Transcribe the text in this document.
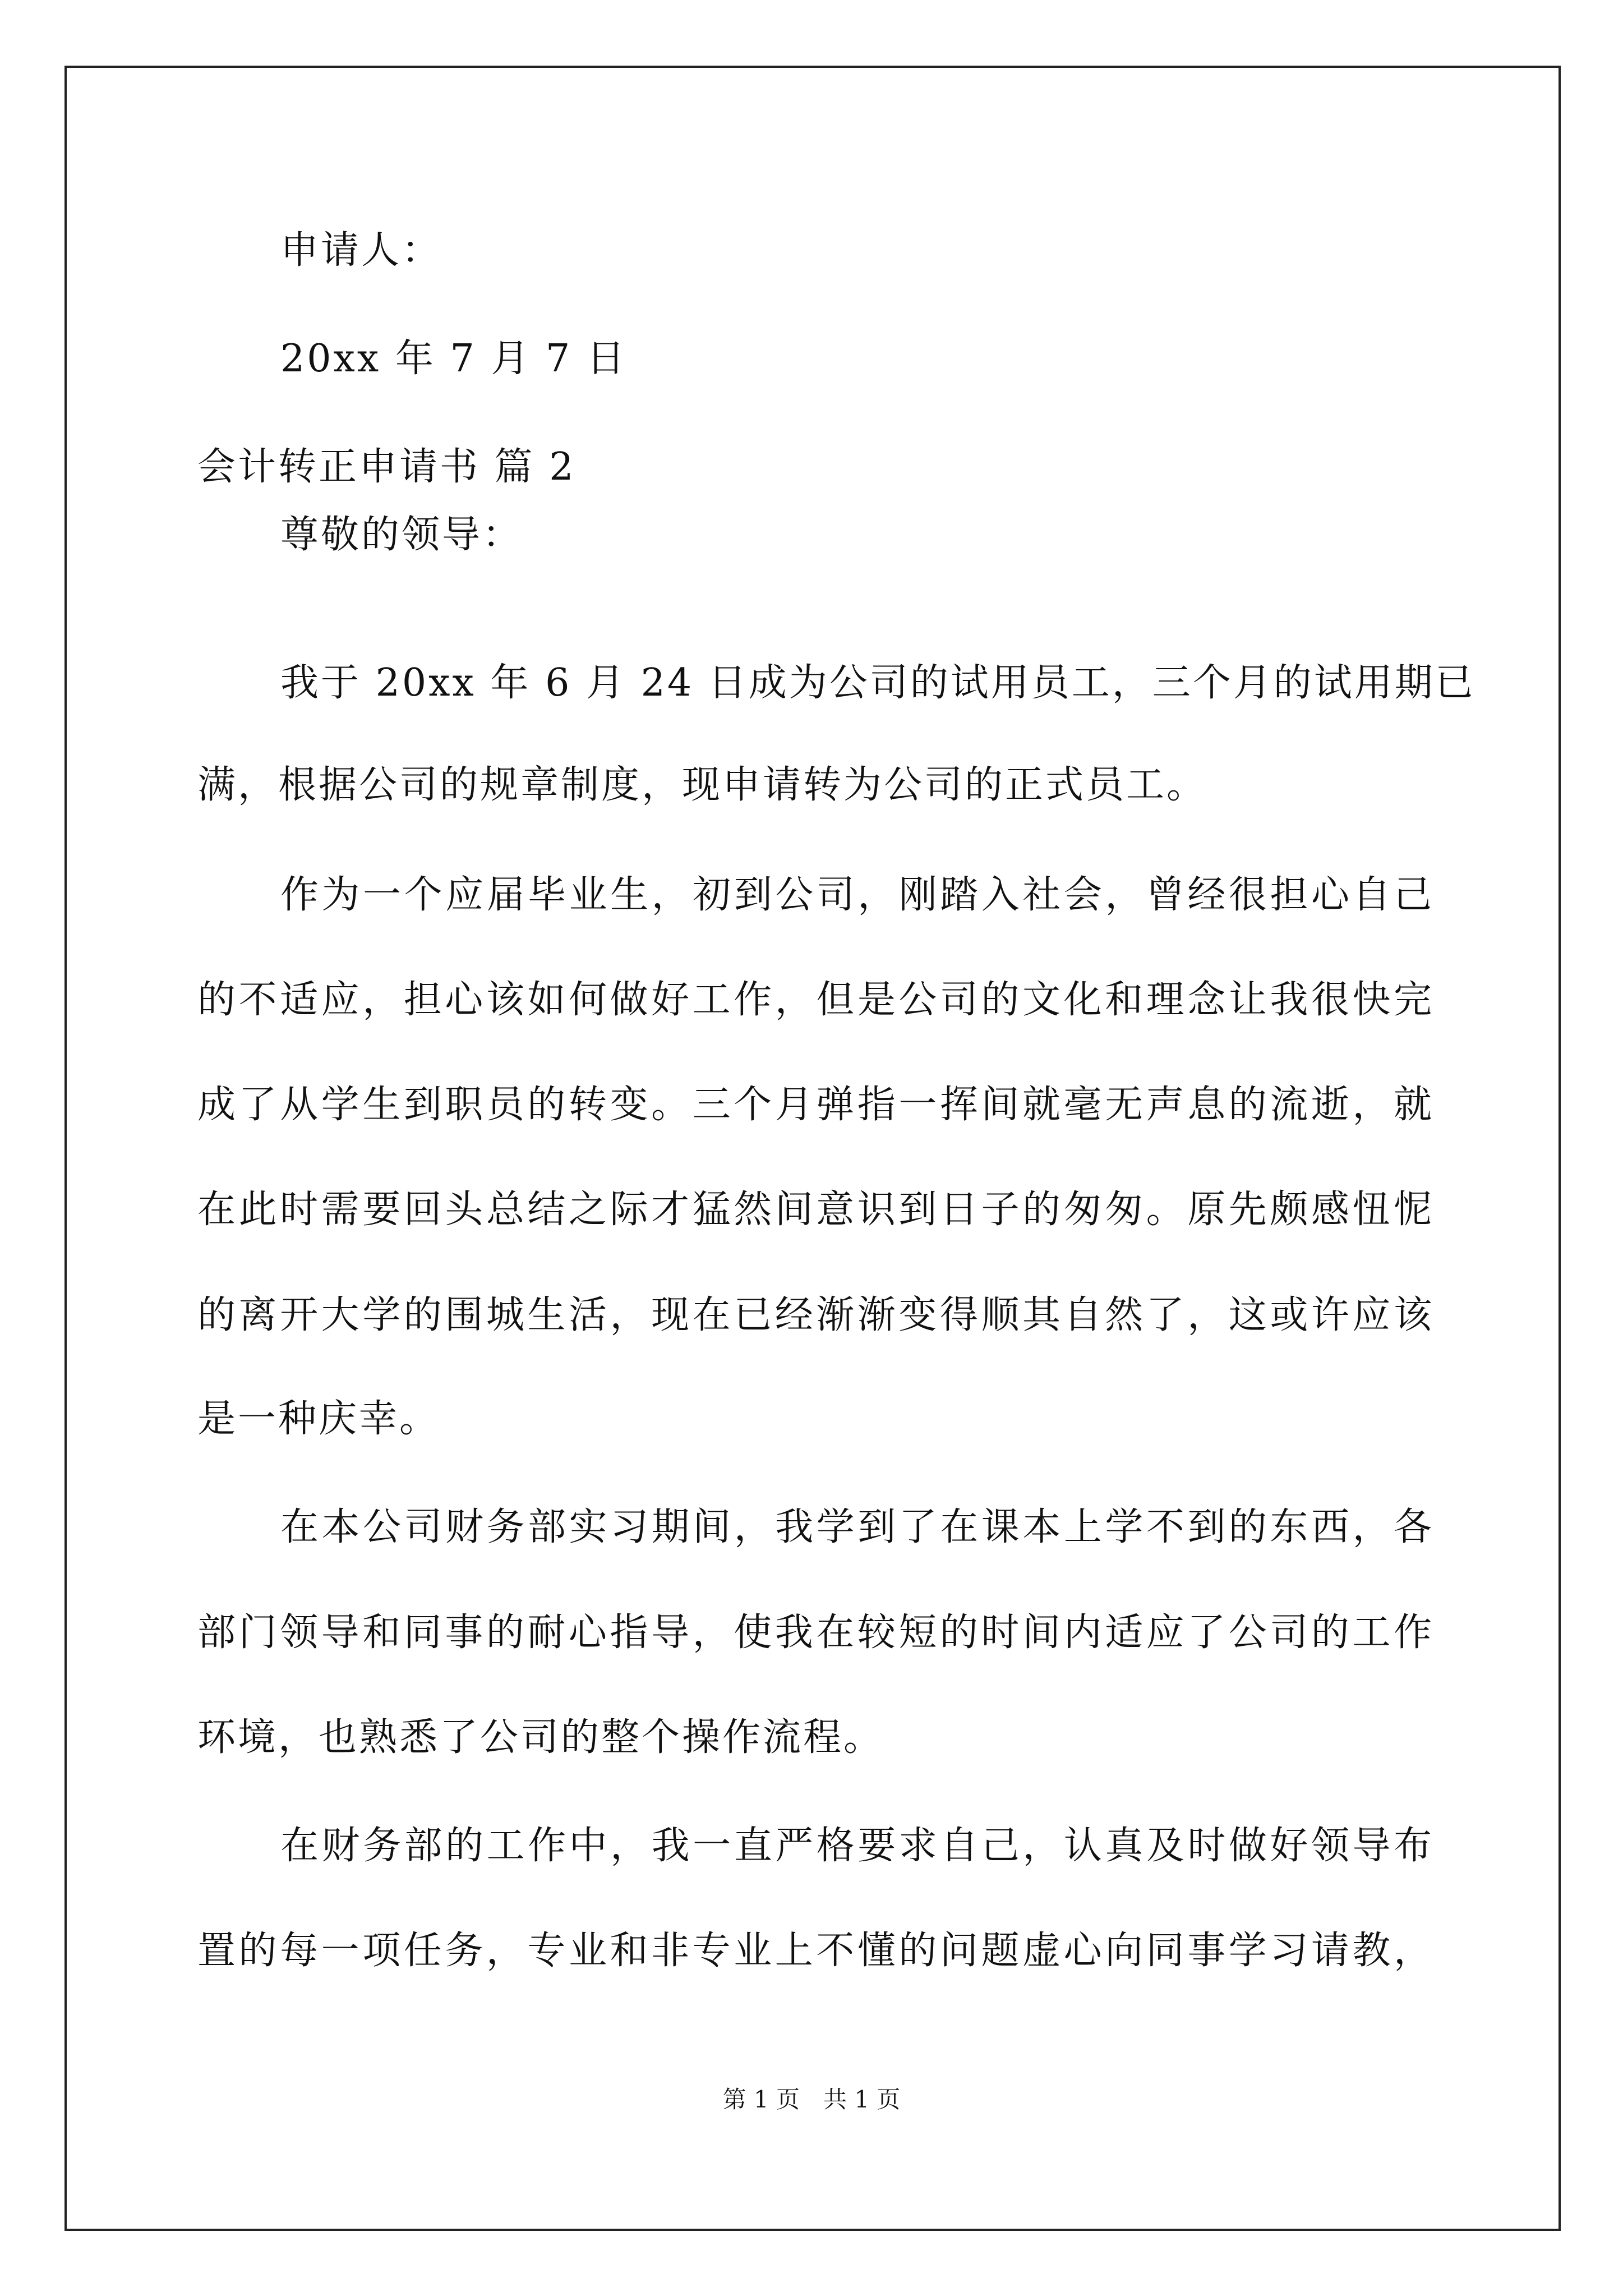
申请人：
20xx 年 7 月 7 日
会计转正申请书 篇 2
尊敬的领导：
我于 20xx 年 6 月 24 日成为公司的试用员工，三个月的试用期已
满，根据公司的规章制度，现申请转为公司的正式员工。
作为一个应届毕业生，初到公司，刚踏入社会，曾经很担心自己
的不适应，担心该如何做好工作，但是公司的文化和理念让我很快完
成了从学生到职员的转变。三个月弹指一挥间就毫无声息的流逝，就
在此时需要回头总结之际才猛然间意识到日子的匆匆。原先颇感忸怩
的离开大学的围城生活，现在已经渐渐变得顺其自然了，这或许应该
是一种庆幸。
在本公司财务部实习期间，我学到了在课本上学不到的东西，各
部门领导和同事的耐心指导，使我在较短的时间内适应了公司的工作
环境，也熟悉了公司的整个操作流程。
在财务部的工作中，我一直严格要求自己，认真及时做好领导布
置的每一项任务，专业和非专业上不懂的问题虚心向同事学习请教，
第 1 页　共 1 页
